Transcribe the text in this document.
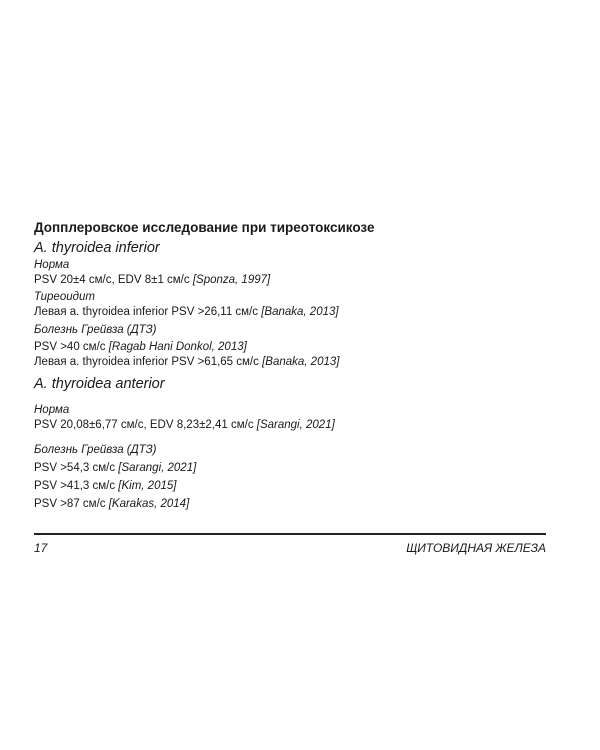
Допплеровское исследование при тиреотоксикозе
A. thyroidea inferior
Норма
PSV 20±4 см/с, EDV 8±1 см/с [Sponza, 1997]
Тиреоидит
Левая а. thyroidea inferior PSV >26,11 см/с [Banaka, 2013]
Болезнь Грейвза (ДТЗ)
PSV >40 см/с [Ragab Hani Donkol, 2013]
Левая а. thyroidea inferior PSV >61,65 см/с [Banaka, 2013]
A. thyroidea anterior
Норма
PSV 20,08±6,77 см/с, EDV 8,23±2,41 см/с [Sarangi, 2021]
Болезнь Грейвза (ДТЗ)
PSV >54,3 см/с [Sarangi, 2021]
PSV >41,3 см/с [Kim, 2015]
PSV >87 см/с [Karakas, 2014]
17	ЩИТОВИДНАЯ ЖЕЛЕЗА
